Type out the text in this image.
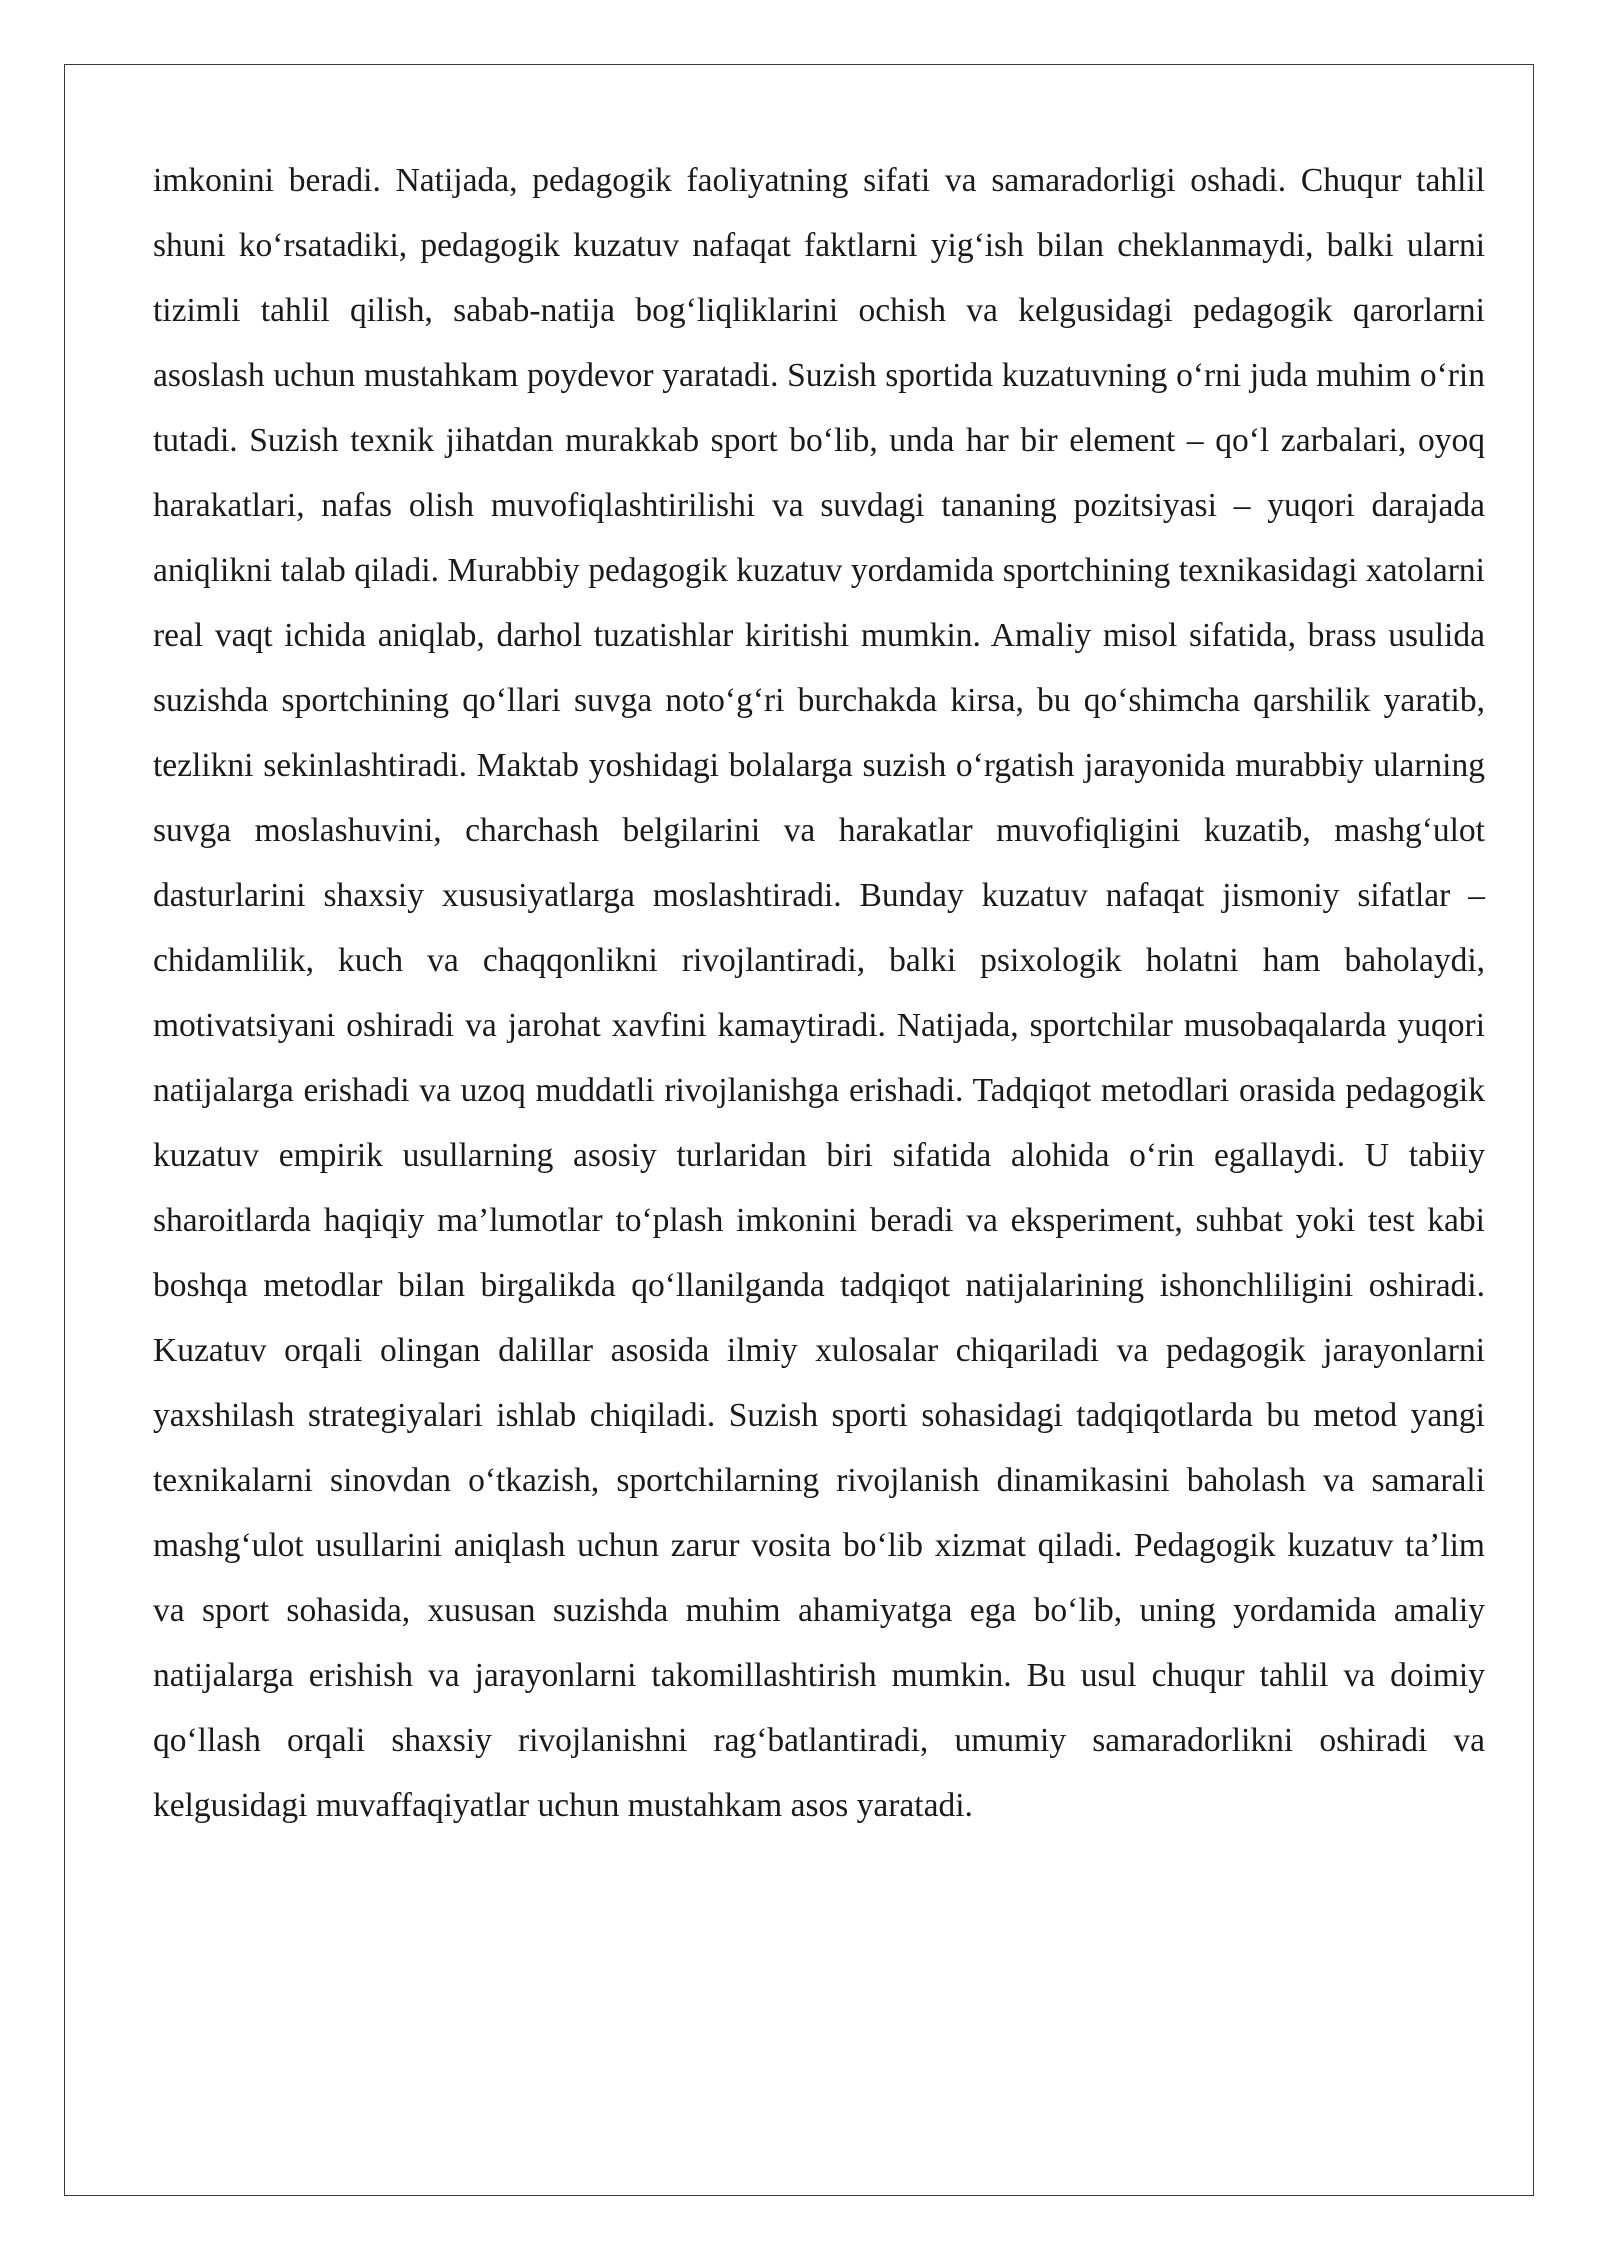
imkonini beradi. Natijada, pedagogik faoliyatning sifati va samaradorligi oshadi. Chuqur tahlil shuni ko‘rsatadiki, pedagogik kuzatuv nafaqat faktlarni yig‘ish bilan cheklanmaydi, balki ularni tizimli tahlil qilish, sabab-natija bog‘liqliklarini ochish va kelgusidagi pedagogik qarorlarni asoslash uchun mustahkam poydevor yaratadi. Suzish sportida kuzatuvning o‘rni juda muhim o‘rin tutadi. Suzish texnik jihatdan murakkab sport bo‘lib, unda har bir element – qo‘l zarbalari, oyoq harakatlari, nafas olish muvofiqlashtirilishi va suvdagi tananing pozitsiyasi – yuqori darajada aniqlikni talab qiladi. Murabbiy pedagogik kuzatuv yordamida sportchining texnikasidagi xatolarni real vaqt ichida aniqlab, darhol tuzatishlar kiritishi mumkin. Amaliy misol sifatida, brass usulida suzishda sportchining qo‘llari suvga noto‘g‘ri burchakda kirsa, bu qo‘shimcha qarshilik yaratib, tezlikni sekinlashtiradi. Maktab yoshidagi bolalarga suzish o‘rgatish jarayonida murabbiy ularning suvga moslashuvini, charchash belgilarini va harakatlar muvofiqligini kuzatib, mashg‘ulot dasturlarini shaxsiy xususiyatlarga moslashtiradi. Bunday kuzatuv nafaqat jismoniy sifatlar – chidamlilik, kuch va chaqqonlikni rivojlantiradi, balki psixologik holatni ham baholaydi, motivatsiyani oshiradi va jarohat xavfini kamaytiradi. Natijada, sportchilar musobaqalarda yuqori natijalarga erishadi va uzoq muddatli rivojlanishga erishadi. Tadqiqot metodlari orasida pedagogik kuzatuv empirik usullarning asosiy turlaridan biri sifatida alohida o‘rin egallaydi. U tabiiy sharoitlarda haqiqiy ma’lumotlar to‘plash imkonini beradi va eksperiment, suhbat yoki test kabi boshqa metodlar bilan birgalikda qo‘llanilganda tadqiqot natijalarining ishonchliligini oshiradi. Kuzatuv orqali olingan dalillar asosida ilmiy xulosalar chiqariladi va pedagogik jarayonlarni yaxshilash strategiyalari ishlab chiqiladi. Suzish sporti sohasidagi tadqiqotlarda bu metod yangi texnikalarni sinovdan o‘tkazish, sportchilarning rivojlanish dinamikasini baholash va samarali mashg‘ulot usullarini aniqlash uchun zarur vosita bo‘lib xizmat qiladi. Pedagogik kuzatuv ta’lim va sport sohasida, xususan suzishda muhim ahamiyatga ega bo‘lib, uning yordamida amaliy natijalarga erishish va jarayonlarni takomillashtirish mumkin. Bu usul chuqur tahlil va doimiy qo‘llash orqali shaxsiy rivojlanishni rag‘batlantiradi, umumiy samaradorlikni oshiradi va kelgusidagi muvaffaqiyatlar uchun mustahkam asos yaratadi.
